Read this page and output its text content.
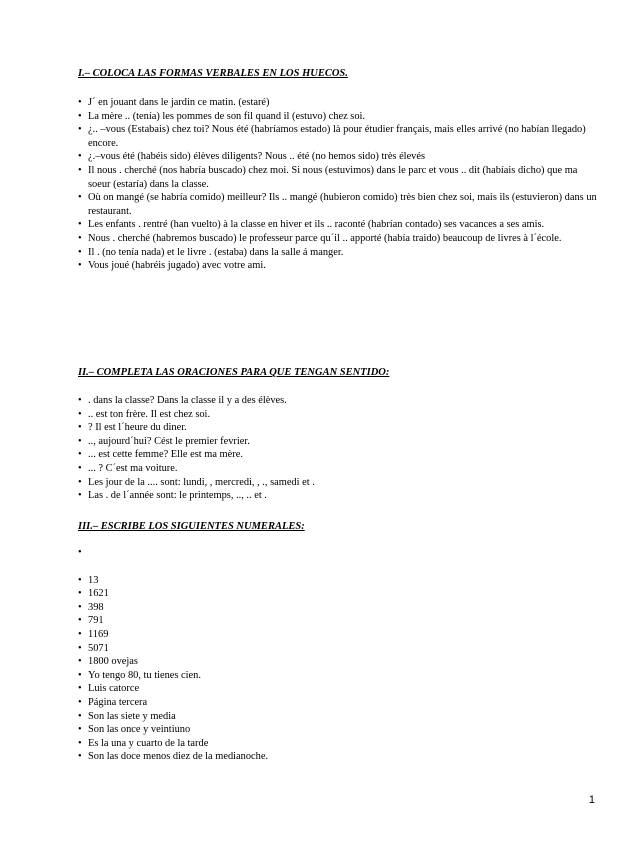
I.– COLOCA LAS FORMAS VERBALES EN LOS HUECOS.
• J´ en jouant dans le jardin ce matin. (estaré)
• La mère .. (tenía) les pommes de son fil quand il (estuvo) chez soi.
• ¿.. –vous (Estabais) chez toi? Nous été (habríamos estado) là pour étudier français, mais elles arrivé (no habían llegado) encore.
• ¿.–vous été (habéis sido) élèves diligents? Nous .. été (no hemos sido) très élevés
• Il nous . cherché (nos habría buscado) chez moi. Si nous (estuvimos) dans le parc et vous .. dit (habíais dicho) que ma soeur (estaría) dans la classe.
• Où on mangé (se habría comido) meilleur? Ils .. mangé (hubieron comido) très bien chez soi, mais ils (estuvieron) dans un restaurant.
• Les enfants . rentré (han vuelto) à la classe en hiver et ils .. raconté (habrían contado) ses vacances a ses amis.
• Nous . cherché (habremos buscado) le professeur parce qu´il .. apporté (había traido) beaucoup de livres à l´école.
• Il . (no tenía nada) et le livre . (estaba) dans la salle á manger.
• Vous joué (habréis jugado) avec votre ami.
II.– COMPLETA LAS ORACIONES PARA QUE TENGAN SENTIDO:
• . dans la classe? Dans la classe il y a des élèves.
• .. est ton frère. Il est chez soi.
• ? Il est l´heure du diner.
• .., aujourd´hui? Cést le premier fevrier.
• ... est cette femme? Elle est ma mère.
• ... ? C´est ma voiture.
• Les jour de la .... sont: lundi, , mercredi, , ., samedi et .
• Las . de l´année sont: le printemps, .., .. et .
III.– ESCRIBE LOS SIGUIENTES NUMERALES:
•

• 13
• 1621
• 398
• 791
• 1169
• 5071
• 1800 ovejas
• Yo tengo 80, tu tienes cien.
• Luis catorce
• Página tercera
• Son las siete y media
• Son las once y veintiuno
• Es la una y cuarto de la tarde
• Son las doce menos diez de la medianoche.
1
